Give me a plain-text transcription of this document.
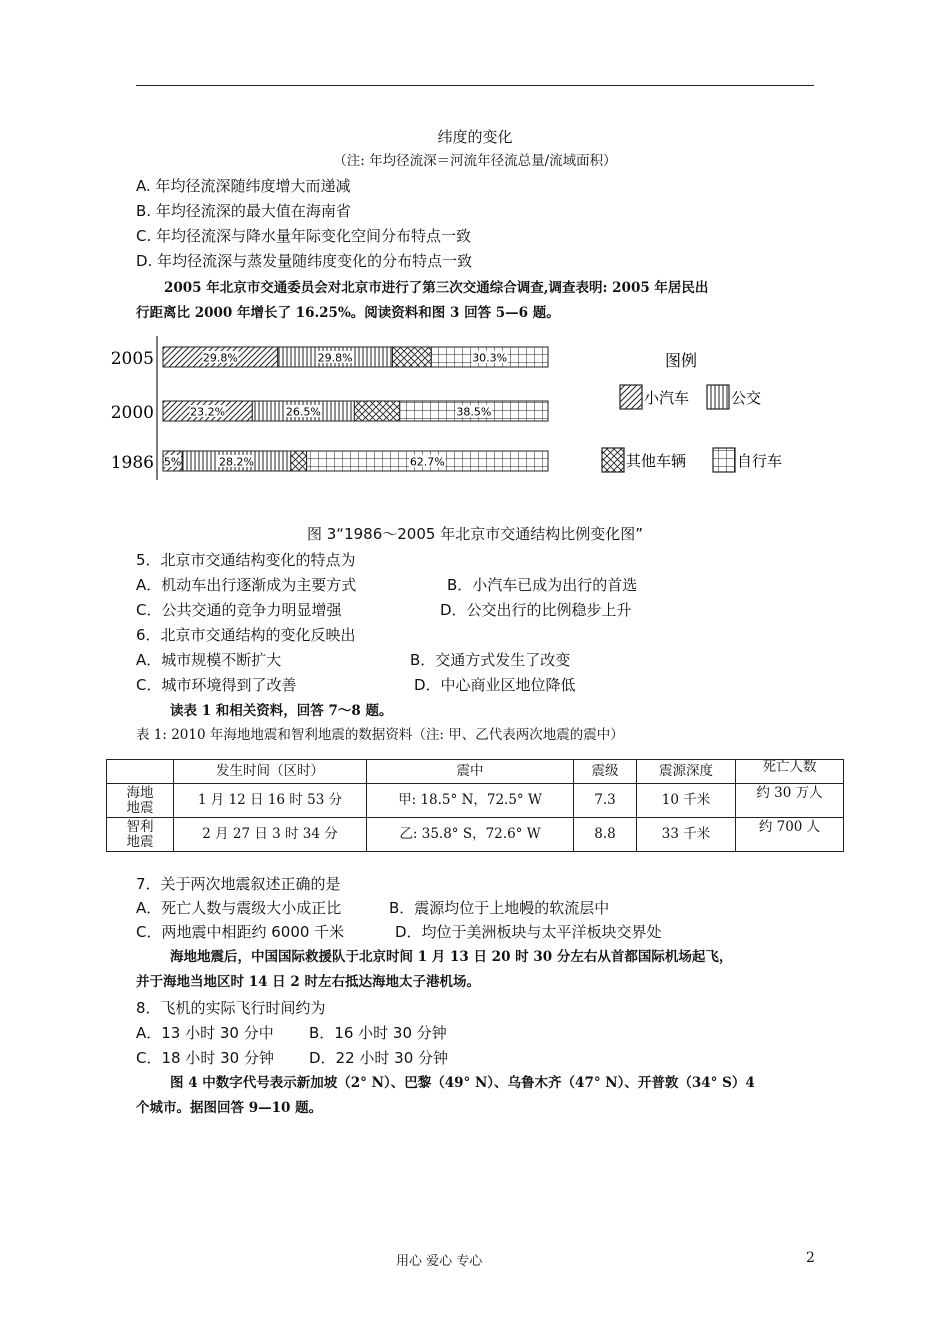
纬度的变化
（注: 年均径流深＝河流年径流总量/流域面积）
A. 年均径流深随纬度增大而递减
B. 年均径流深的最大值在海南省
C. 年均径流深与降水量年际变化空间分布特点一致
D. 年均径流深与蒸发量随纬度变化的分布特点一致
2005 年北京市交通委员会对北京市进行了第三次交通综合调查,调查表明: 2005 年居民出
行距离比 2000 年增长了 16.25%。阅读资料和图 3 回答 5—6 题。
29.8%	29.8%	30.3%
23.2%	26.5%	38.5%
5%	28.2%	62.7%
2005
2000
1986
图例
小汽车	公交
其他车辆	自行车
图 3“1986～2005 年北京市交通结构比例变化图”
5．北京市交通结构变化的特点为
A．机动车出行逐渐成为主要方式	B．小汽车已成为出行的首选
C．公共交通的竞争力明显增强	D．公交出行的比例稳步上升
6．北京市交通结构的变化反映出
A．城市规模不断扩大	B．交通方式发生了改变
C．城市环境得到了改善	D．中心商业区地位降低
读表 1 和相关资料，回答 7～8 题。
表 1: 2010 年海地地震和智利地震的数据资料（注: 甲、乙代表两次地震的震中）
	发生时间（区时）	震中	震级	震源深度	死亡人数
海地
地震	1 月 12 日 16 时 53 分	甲: 18.5° N，72.5° W	7.3	10 千米	约 30 万人
智利
地震	2 月 27 日 3 时 34 分	乙: 35.8° S，72.6° W	8.8	33 千米	约 700 人
7．关于两次地震叙述正确的是
A．死亡人数与震级大小成正比	B．震源均位于上地幔的软流层中
C．两地震中相距约 6000 千米	D．均位于美洲板块与太平洋板块交界处
海地地震后，中国国际救援队于北京时间 1 月 13 日 20 时 30 分左右从首都国际机场起飞，
并于海地当地区时 14 日 2 时左右抵达海地太子港机场。
8．飞机的实际飞行时间约为
A．13 小时 30 分中 B．16 小时 30 分钟
C．18 小时 30 分钟 D．22 小时 30 分钟
图 4 中数字代号表示新加坡（2° N）、巴黎（49° N）、乌鲁木齐（47° N）、开普敦（34° S）4
个城市。据图回答 9—10 题。
用心 爱心 专心	2
